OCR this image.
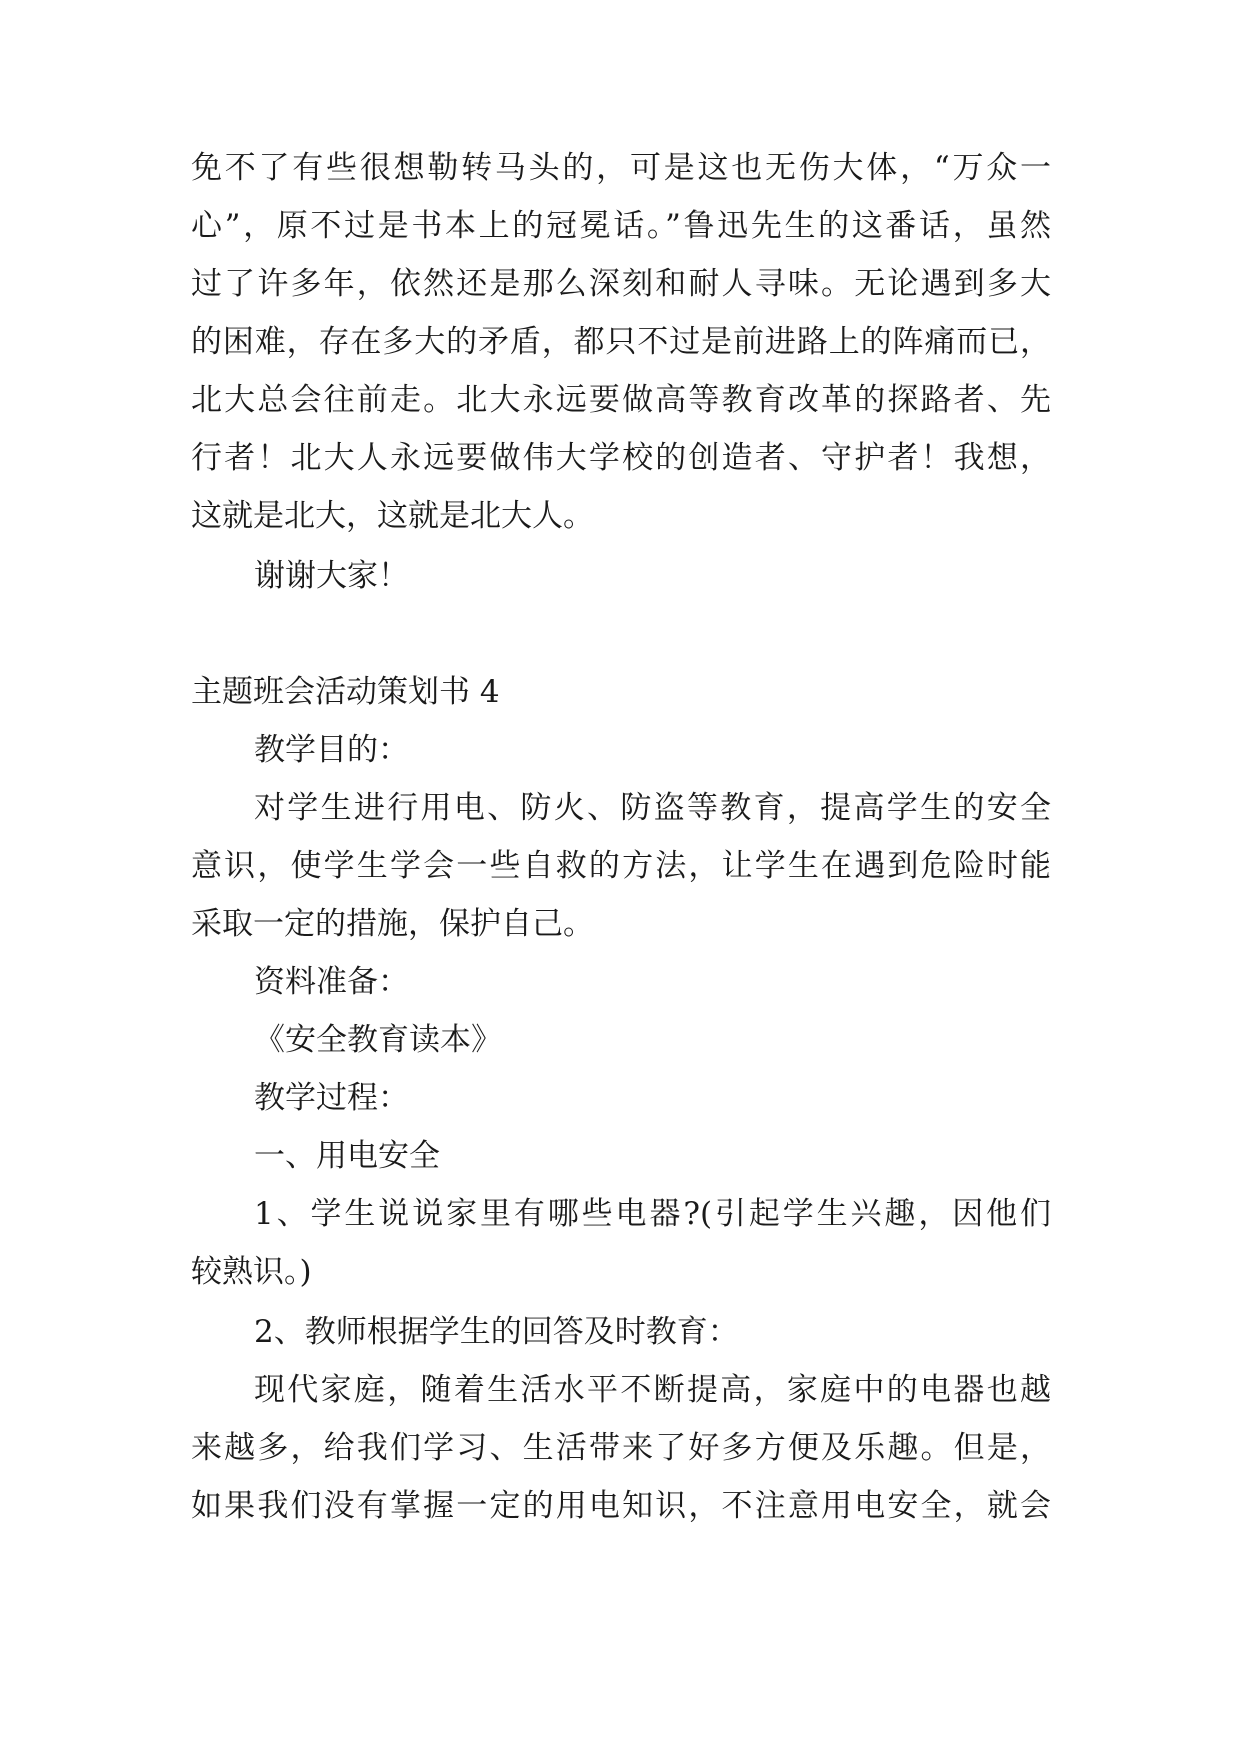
免不了有些很想勒转马头的，可是这也无伤大体，“万众一

心”，原不过是书本上的冠冕话。”鲁迅先生的这番话，虽然

过了许多年，依然还是那么深刻和耐人寻味。无论遇到多大

的困难，存在多大的矛盾，都只不过是前进路上的阵痛而已，

北大总会往前走。北大永远要做高等教育改革的探路者、先

行者！北大人永远要做伟大学校的创造者、守护者！我想，

这就是北大，这就是北大人。

谢谢大家！

主题班会活动策划书 4

教学目的：

对学生进行用电、防火、防盗等教育，提高学生的安全

意识，使学生学会一些自救的方法，让学生在遇到危险时能

采取一定的措施，保护自己。

资料准备：

《安全教育读本》

教学过程：

一、用电安全

1、学生说说家里有哪些电器?(引起学生兴趣，因他们

较熟识。)

2、教师根据学生的回答及时教育：

现代家庭，随着生活水平不断提高，家庭中的电器也越

来越多，给我们学习、生活带来了好多方便及乐趣。但是，

如果我们没有掌握一定的用电知识，不注意用电安全，就会
